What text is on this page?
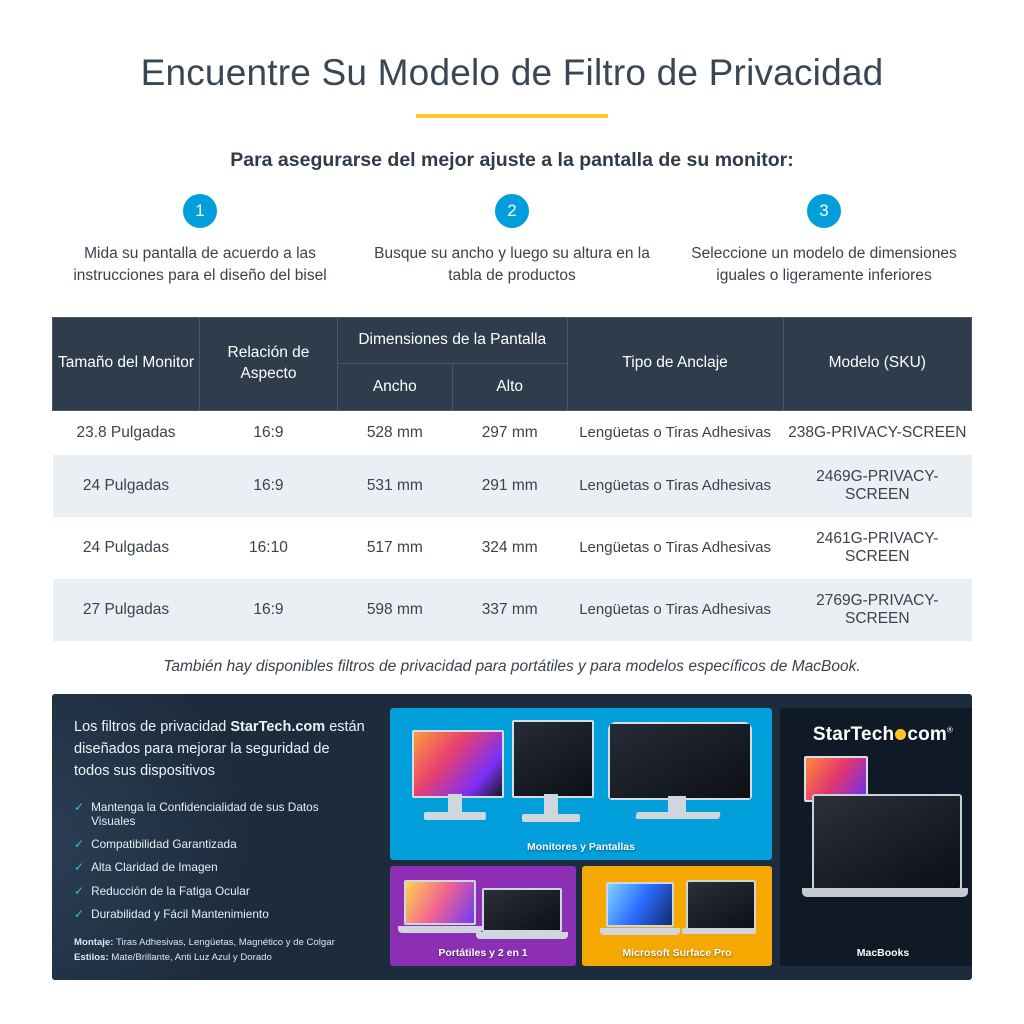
Encuentre Su Modelo de Filtro de Privacidad
Para asegurarse del mejor ajuste a la pantalla de su monitor:
1
Mida su pantalla de acuerdo a las instrucciones para el diseño del bisel
2
Busque su ancho y luego su altura en la tabla de productos
3
Seleccione un modelo de dimensiones iguales o ligeramente inferiores
Tamaño del Monitor	Relación de Aspecto	Dimensiones de la Pantalla		Tipo de Anclaje	Modelo (SKU)
		Ancho	Alto		
23.8 Pulgadas	16:9	528 mm	297 mm	Lengüetas o Tiras Adhesivas	238G-PRIVACY-SCREEN
24 Pulgadas	16:9	531 mm	291 mm	Lengüetas o Tiras Adhesivas	2469G-PRIVACY-SCREEN
24 Pulgadas	16:10	517 mm	324 mm	Lengüetas o Tiras Adhesivas	2461G-PRIVACY-SCREEN
27 Pulgadas	16:9	598 mm	337 mm	Lengüetas o Tiras Adhesivas	2769G-PRIVACY-SCREEN
También hay disponibles filtros de privacidad para portátiles y para modelos específicos de MacBook.
Los filtros de privacidad StarTech.com están diseñados para mejorar la seguridad de todos sus dispositivos
✓ Mantenga la Confidencialidad de sus Datos Visuales
✓ Compatibilidad Garantizada
✓ Alta Claridad de Imagen
✓ Reducción de la Fatiga Ocular
✓ Durabilidad y Fácil Mantenimiento
Montaje: Tiras Adhesivas, Lengüetas, Magnético y de Colgar
Estilos: Mate/Brillante, Anti Luz Azul y Dorado
Monitores y Pantallas
Portátiles y 2 en 1	Microsoft Surface Pro
StarTech com®
MacBooks
